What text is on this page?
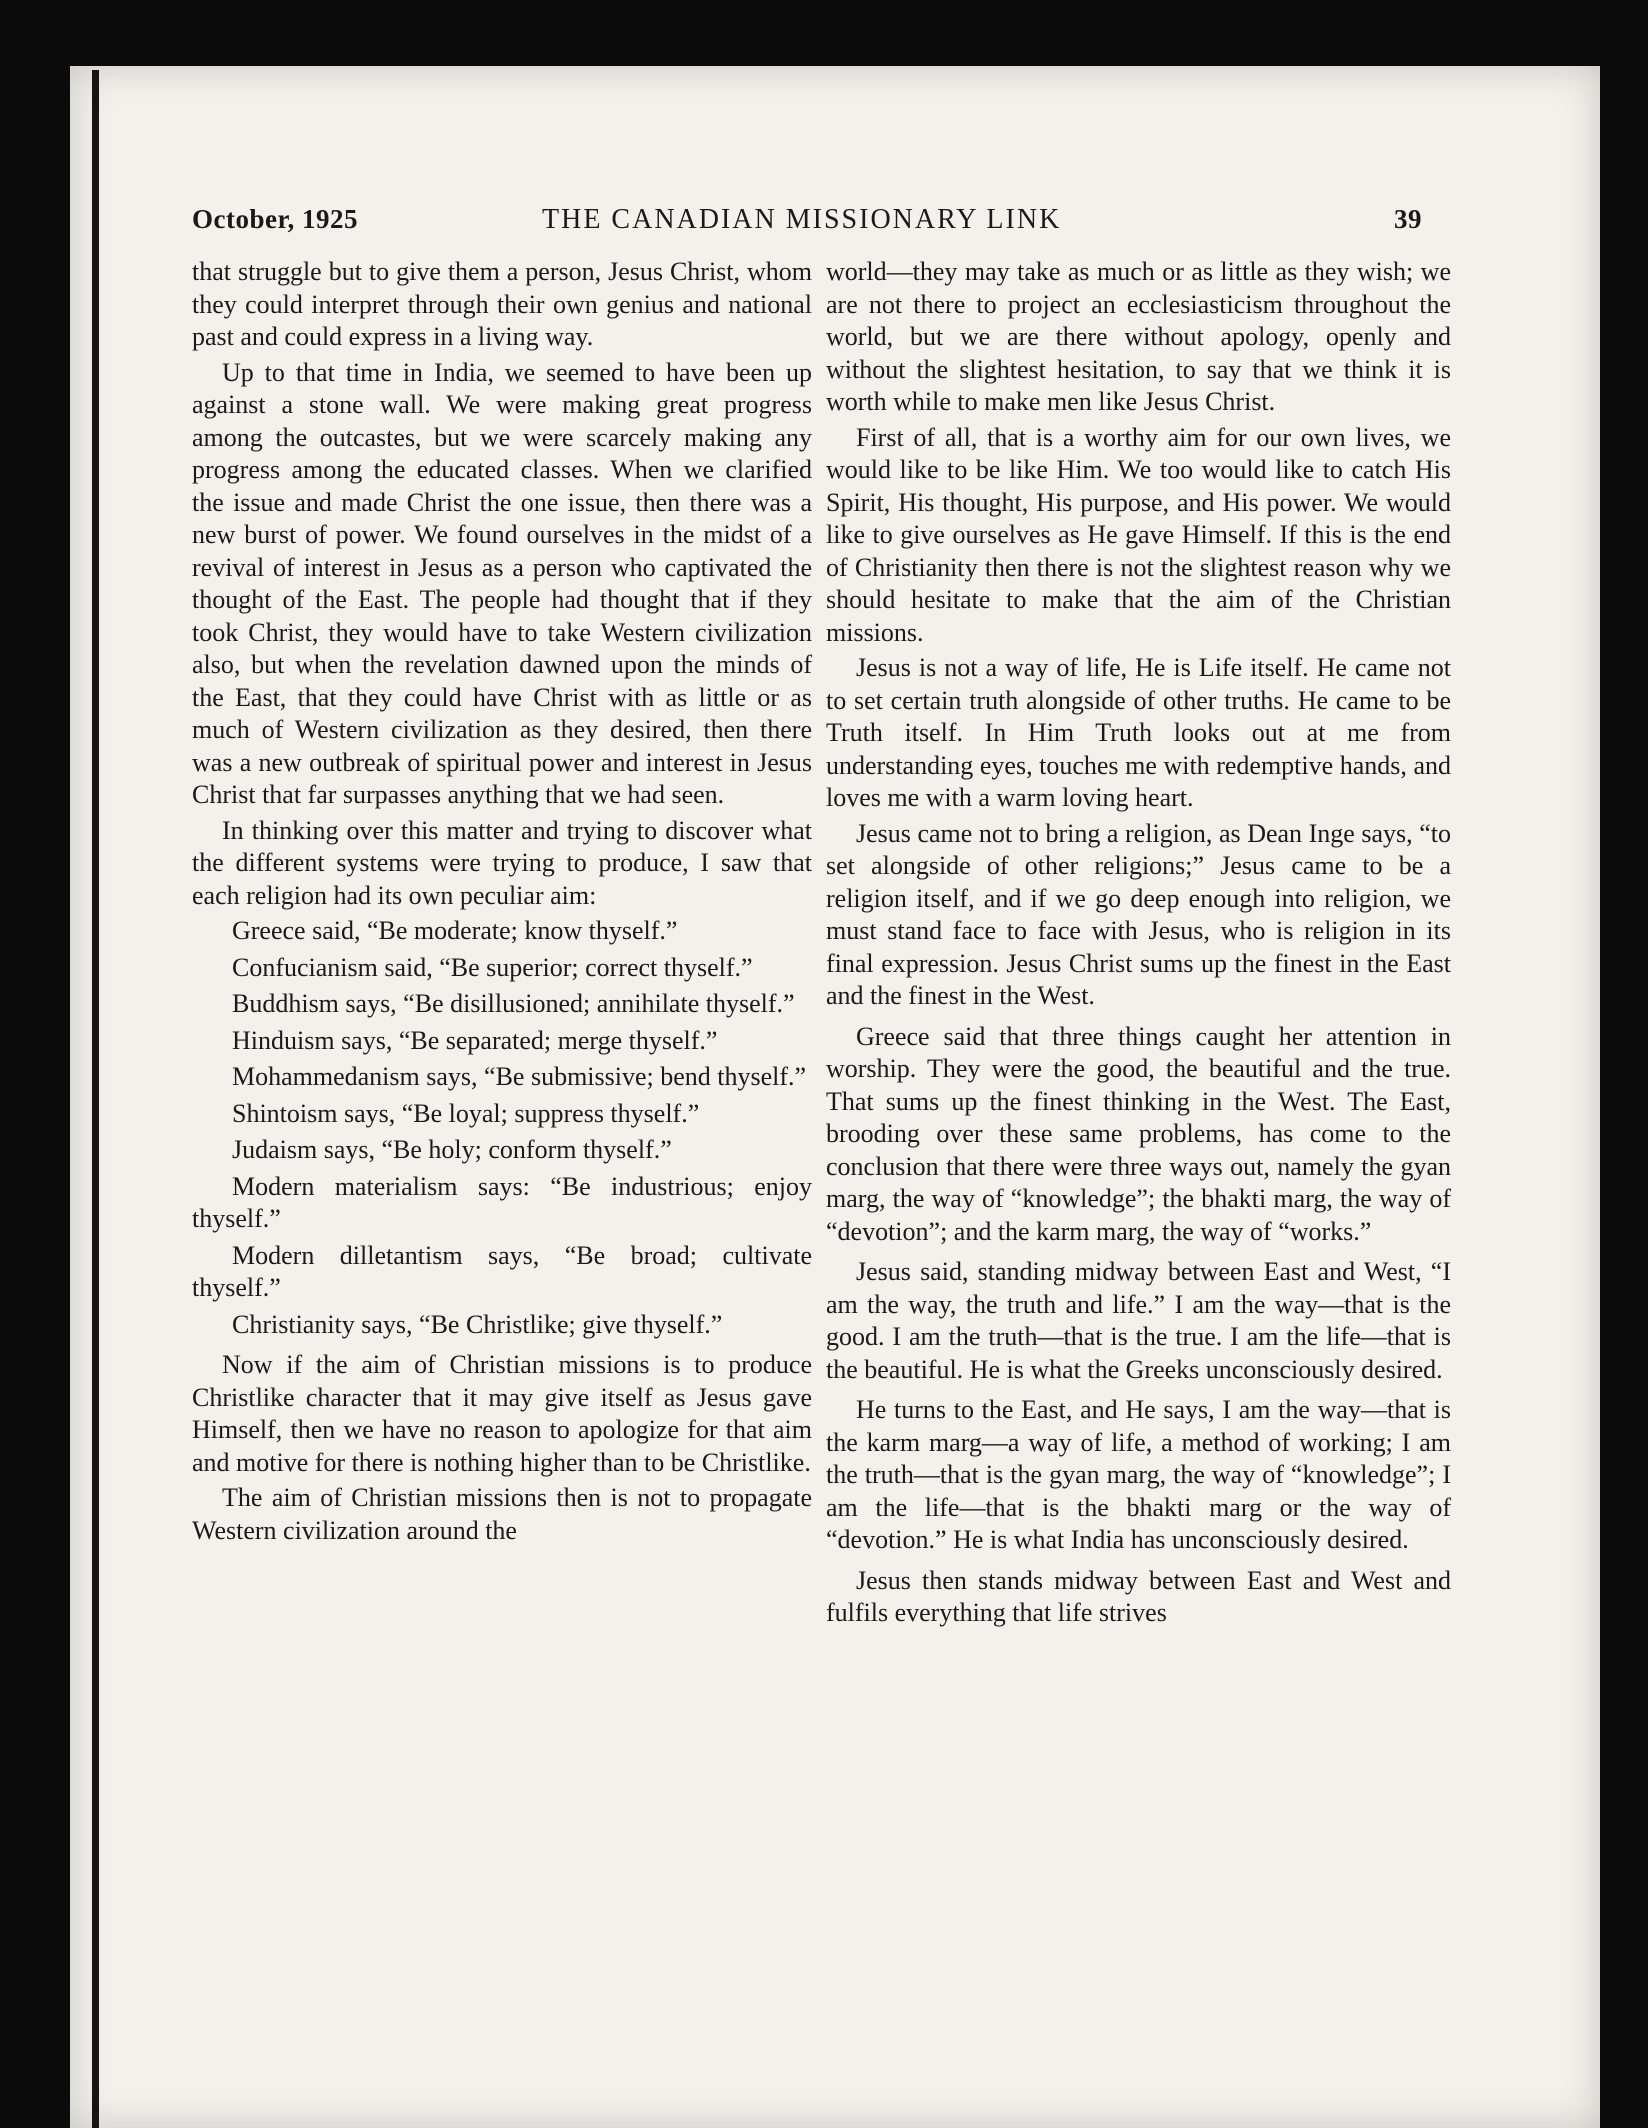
October, 1925	THE CANADIAN MISSIONARY LINK	39

that struggle but to give them a person, Jesus Christ, whom they could interpret through their own genius and national past and could express in a living way.

Up to that time in India, we seemed to have been up against a stone wall. We were making great progress among the outcastes, but we were scarcely making any progress among the educated classes. When we clarified the issue and made Christ the one issue, then there was a new burst of power. We found ourselves in the midst of a revival of interest in Jesus as a person who captivated the thought of the East. The people had thought that if they took Christ, they would have to take Western civilization also, but when the revelation dawned upon the minds of the East, that they could have Christ with as little or as much of Western civilization as they desired, then there was a new outbreak of spiritual power and interest in Jesus Christ that far surpasses anything that we had seen.

In thinking over this matter and trying to discover what the different systems were trying to produce, I saw that each religion had its own peculiar aim:

Greece said, “Be moderate; know thyself.”

Confucianism said, “Be superior; correct thyself.”

Buddhism says, “Be disillusioned; annihilate thyself.”

Hinduism says, “Be separated; merge thyself.”

Mohammedanism says, “Be submissive; bend thyself.”

Shintoism says, “Be loyal; suppress thyself.”

Judaism says, “Be holy; conform thyself.”

Modern materialism says: “Be industrious; enjoy thyself.”

Modern dilletantism says, “Be broad; cultivate thyself.”

Christianity says, “Be Christlike; give thyself.”

Now if the aim of Christian missions is to produce Christlike character that it may give itself as Jesus gave Himself, then we have no reason to apologize for that aim and motive for there is nothing higher than to be Christlike.

The aim of Christian missions then is not to propagate Western civilization around the

world—they may take as much or as little as they wish; we are not there to project an ecclesiasticism throughout the world, but we are there without apology, openly and without the slightest hesitation, to say that we think it is worth while to make men like Jesus Christ.

First of all, that is a worthy aim for our own lives, we would like to be like Him. We too would like to catch His Spirit, His thought, His purpose, and His power. We would like to give ourselves as He gave Himself. If this is the end of Christianity then there is not the slightest reason why we should hesitate to make that the aim of the Christian missions.

Jesus is not a way of life, He is Life itself. He came not to set certain truth alongside of other truths. He came to be Truth itself. In Him Truth looks out at me from understanding eyes, touches me with redemptive hands, and loves me with a warm loving heart.

Jesus came not to bring a religion, as Dean Inge says, “to set alongside of other religions;” Jesus came to be a religion itself, and if we go deep enough into religion, we must stand face to face with Jesus, who is religion in its final expression. Jesus Christ sums up the finest in the East and the finest in the West.

Greece said that three things caught her attention in worship. They were the good, the beautiful and the true. That sums up the finest thinking in the West. The East, brooding over these same problems, has come to the conclusion that there were three ways out, namely the gyan marg, the way of “knowledge”; the bhakti marg, the way of “devotion”; and the karm marg, the way of “works.”

Jesus said, standing midway between East and West, “I am the way, the truth and life.” I am the way—that is the good. I am the truth—that is the true. I am the life—that is the beautiful. He is what the Greeks unconsciously desired.

He turns to the East, and He says, I am the way—that is the karm marg—a way of life, a method of working; I am the truth—that is the gyan marg, the way of “knowledge”; I am the life—that is the bhakti marg or the way of “devotion.” He is what India has unconsciously desired.

Jesus then stands midway between East and West and fulfils everything that life strives
